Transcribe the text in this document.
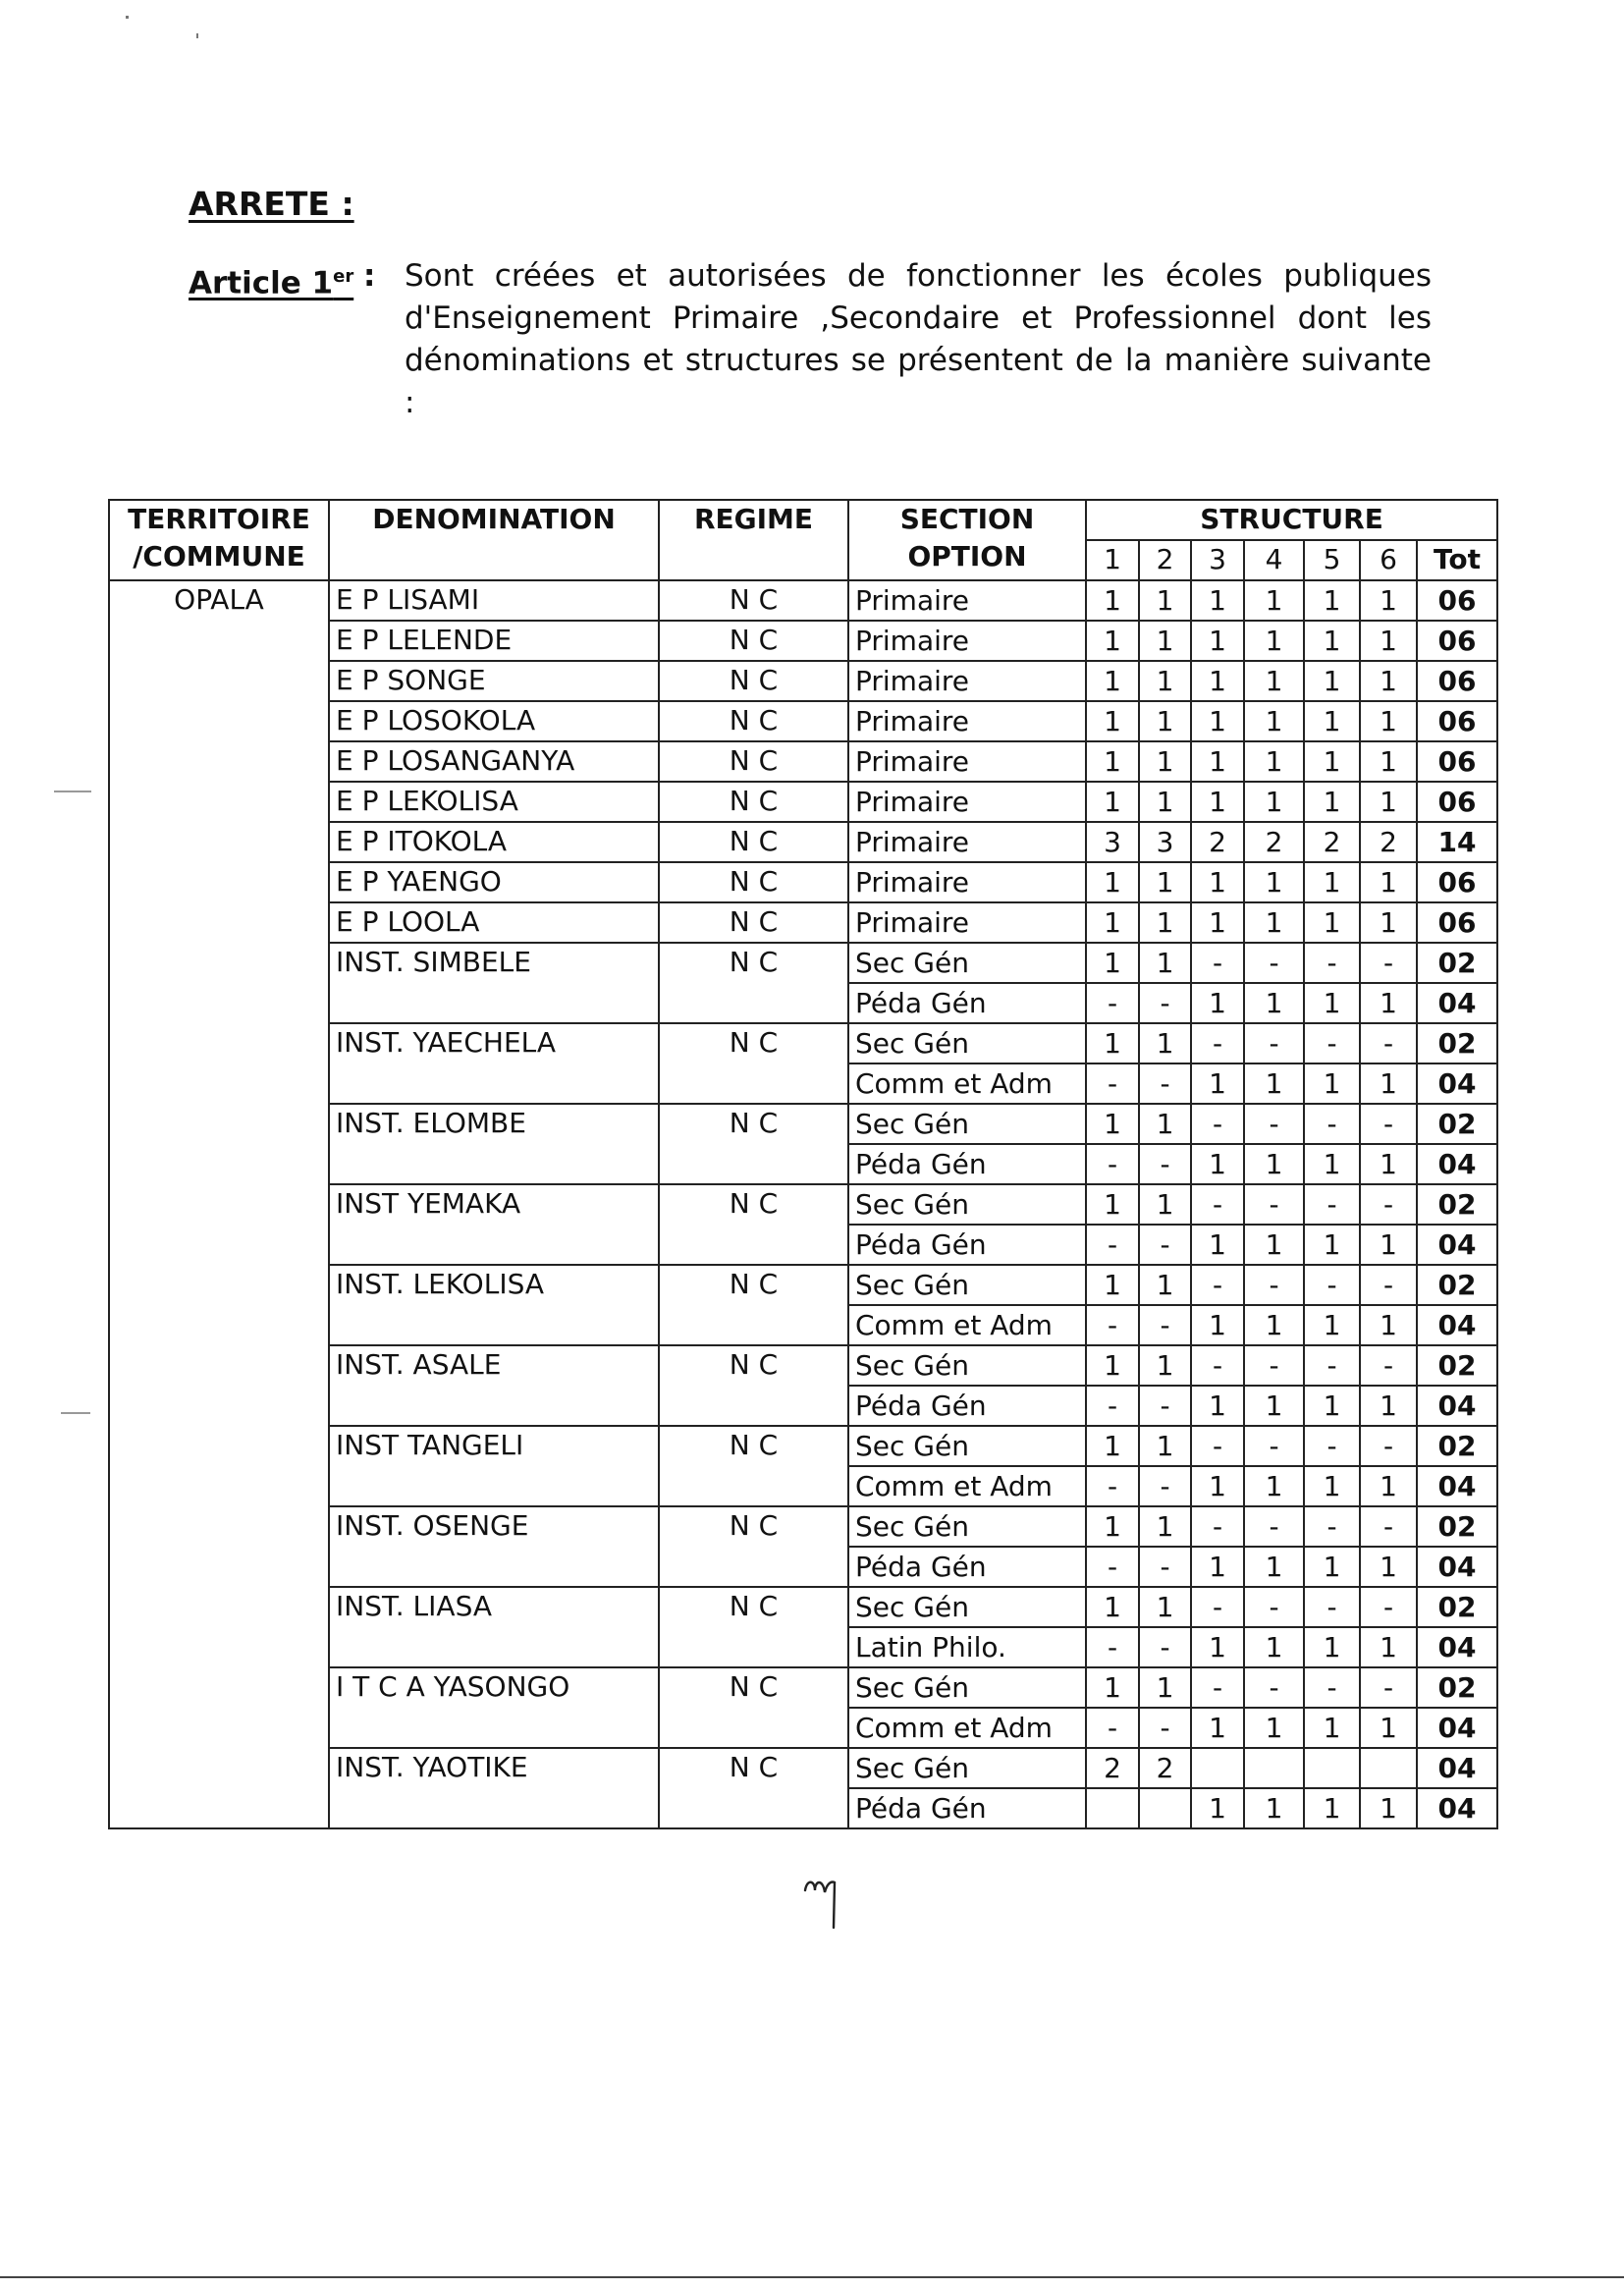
ARRETE :
Article 1er : Sont créées et autorisées de fonctionner les écoles publiques d'Enseignement Primaire ,Secondaire et Professionnel dont les dénominations et structures se présentent de la manière suivante :
TERRITOIRE /COMMUNE	DENOMINATION	REGIME	SECTION OPTION	STRUCTURE						
				1	2	3	4	5	6	Tot
OPALA	E P LISAMI	N C	Primaire	1	1	1	1	1	1	06
	E P LELENDE	N C	Primaire	1	1	1	1	1	1	06
	E P SONGE	N C	Primaire	1	1	1	1	1	1	06
	E P LOSOKOLA	N C	Primaire	1	1	1	1	1	1	06
	E P LOSANGANYA	N C	Primaire	1	1	1	1	1	1	06
	E P LEKOLISA	N C	Primaire	1	1	1	1	1	1	06
	E P ITOKOLA	N C	Primaire	3	3	2	2	2	2	14
	E P YAENGO	N C	Primaire	1	1	1	1	1	1	06
	E P LOOLA	N C	Primaire	1	1	1	1	1	1	06
	INST. SIMBELE	N C	Sec Gén	1	1	-	-	-	-	02
			Péda Gén	-	-	1	1	1	1	04
	INST. YAECHELA	N C	Sec Gén	1	1	-	-	-	-	02
			Comm et Adm	-	-	1	1	1	1	04
	INST. ELOMBE	N C	Sec Gén	1	1	-	-	-	-	02
			Péda Gén	-	-	1	1	1	1	04
	INST YEMAKA	N C	Sec Gén	1	1	-	-	-	-	02
			Péda Gén	-	-	1	1	1	1	04
	INST. LEKOLISA	N C	Sec Gén	1	1	-	-	-	-	02
			Comm et Adm	-	-	1	1	1	1	04
	INST. ASALE	N C	Sec Gén	1	1	-	-	-	-	02
			Péda Gén	-	-	1	1	1	1	04
	INST TANGELI	N C	Sec Gén	1	1	-	-	-	-	02
			Comm et Adm	-	-	1	1	1	1	04
	INST. OSENGE	N C	Sec Gén	1	1	-	-	-	-	02
			Péda Gén	-	-	1	1	1	1	04
	INST. LIASA	N C	Sec Gén	1	1	-	-	-	-	02
			Latin Philo.	-	-	1	1	1	1	04
	I T C A YASONGO	N C	Sec Gén	1	1	-	-	-	-	02
			Comm et Adm	-	-	1	1	1	1	04
	INST. YAOTIKE	N C	Sec Gén	2	2					04
			Péda Gén			1	1	1	1	04
